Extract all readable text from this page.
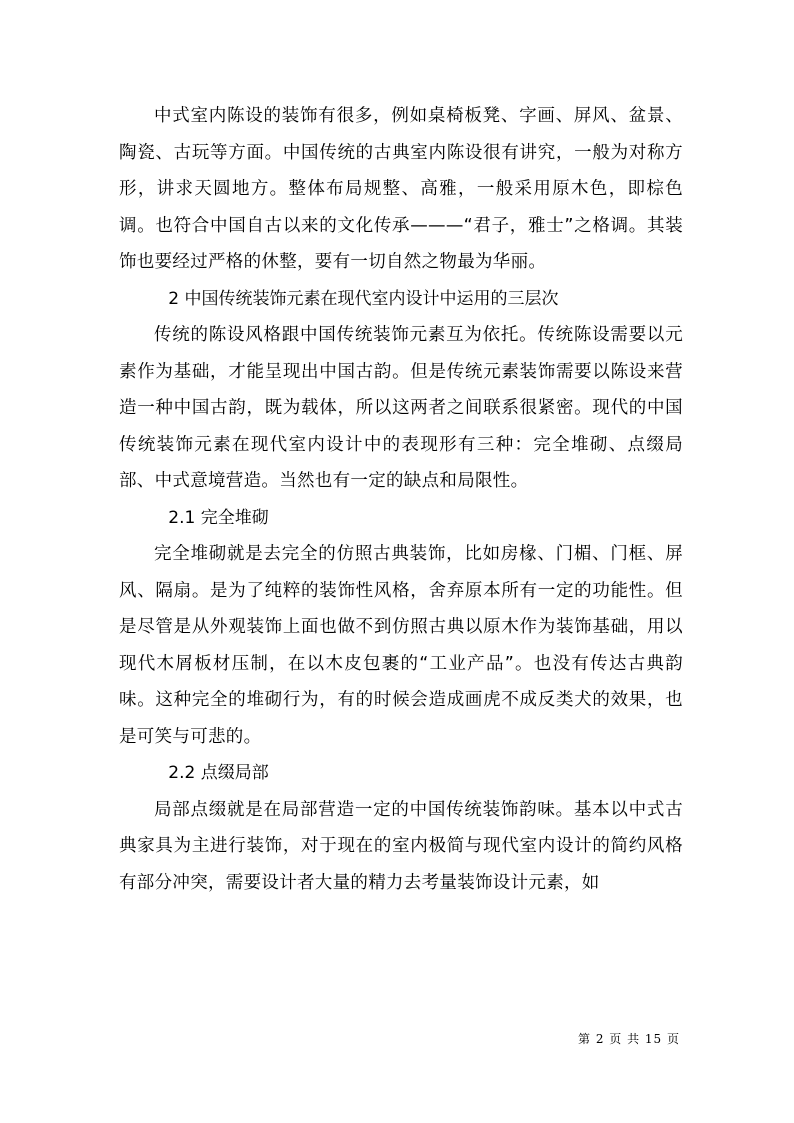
中式室内陈设的装饰有很多，例如桌椅板凳、字画、屏风、盆景、陶瓷、古玩等方面。中国传统的古典室内陈设很有讲究，一般为对称方形，讲求天圆地方。整体布局规整、高雅，一般采用原木色，即棕色调。也符合中国自古以来的文化传承———“君子，雅士”之格调。其装饰也要经过严格的休整，要有一切自然之物最为华丽。

2 中国传统装饰元素在现代室内设计中运用的三层次

传统的陈设风格跟中国传统装饰元素互为依托。传统陈设需要以元素作为基础，才能呈现出中国古韵。但是传统元素装饰需要以陈设来营造一种中国古韵，既为载体，所以这两者之间联系很紧密。现代的中国传统装饰元素在现代室内设计中的表现形有三种：完全堆砌、点缀局部、中式意境营造。当然也有一定的缺点和局限性。

2.1 完全堆砌

完全堆砌就是去完全的仿照古典装饰，比如房椽、门楣、门框、屏风、隔扇。是为了纯粹的装饰性风格，舍弃原本所有一定的功能性。但是尽管是从外观装饰上面也做不到仿照古典以原木作为装饰基础，用以现代木屑板材压制，在以木皮包裹的“工业产品”。也没有传达古典韵味。这种完全的堆砌行为，有的时候会造成画虎不成反类犬的效果，也是可笑与可悲的。

2.2 点缀局部

局部点缀就是在局部营造一定的中国传统装饰韵味。基本以中式古典家具为主进行装饰，对于现在的室内极简与现代室内设计的简约风格有部分冲突，需要设计者大量的精力去考量装饰设计元素，如

第 2 页 共 15 页
